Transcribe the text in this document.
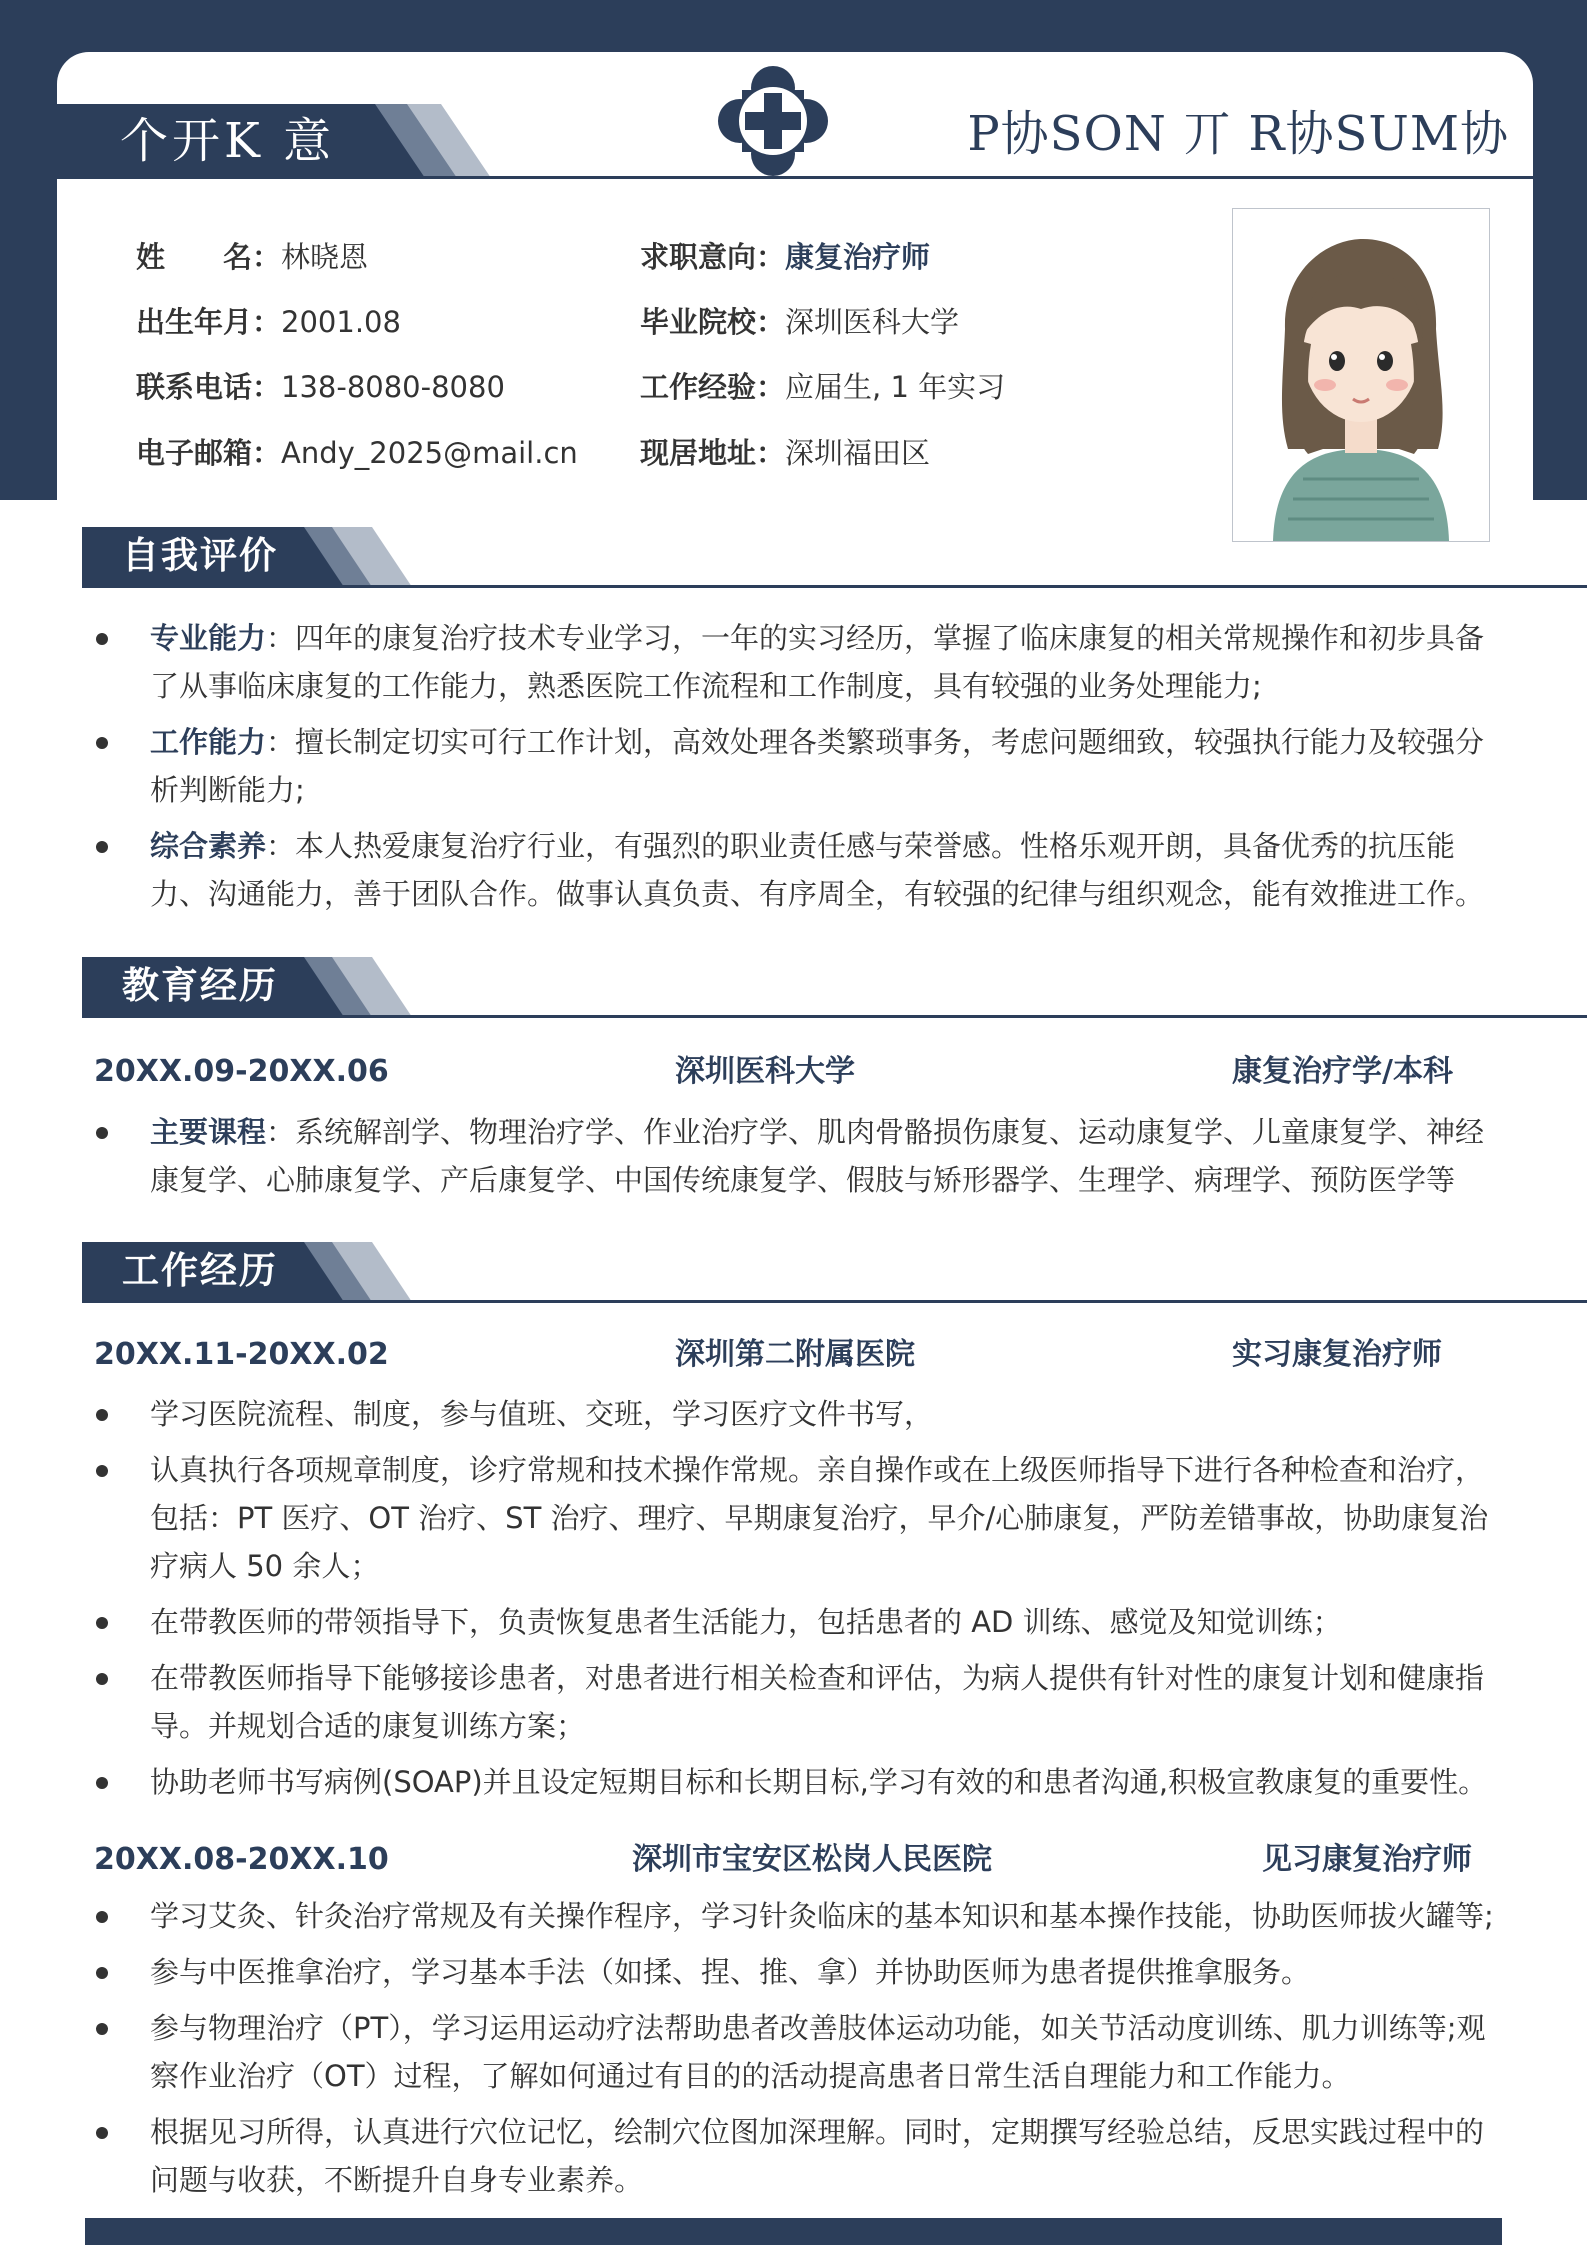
个开K 意	P协SON 丌 R协SUM协
姓　　名：林晓恩
出生年月：2001.08
联系电话：138-8080-8080
电子邮箱：Andy_2025@mail.cn
求职意向：康复治疗师
毕业院校：深圳医科大学
工作经验：应届生, 1 年实习
现居地址：深圳福田区
自我评价
专业能力：四年的康复治疗技术专业学习，一年的实习经历，掌握了临床康复的相关常规操作和初步具备了从事临床康复的工作能力，熟悉医院工作流程和工作制度，具有较强的业务处理能力;
工作能力：擅长制定切实可行工作计划，高效处理各类繁琐事务，考虑问题细致，较强执行能力及较强分析判断能力;
综合素养：本人热爱康复治疗行业，有强烈的职业责任感与荣誉感。性格乐观开朗，具备优秀的抗压能力、沟通能力，善于团队合作。做事认真负责、有序周全，有较强的纪律与组织观念，能有效推进工作。
教育经历
20XX.09-20XX.06	深圳医科大学	康复治疗学/本科
主要课程：系统解剖学、物理治疗学、作业治疗学、肌肉骨骼损伤康复、运动康复学、儿童康复学、神经康复学、心肺康复学、产后康复学、中国传统康复学、假肢与矫形器学、生理学、病理学、预防医学等
工作经历
20XX.11-20XX.02	深圳第二附属医院	实习康复治疗师
学习医院流程、制度，参与值班、交班，学习医疗文件书写，
认真执行各项规章制度，诊疗常规和技术操作常规。亲自操作或在上级医师指导下进行各种检查和治疗，包括：PT 医疗、OT 治疗、ST 治疗、理疗、早期康复治疗，早介/心肺康复，严防差错事故，协助康复治疗病人 50 余人；
在带教医师的带领指导下，负责恢复患者生活能力，包括患者的 AD 训练、感觉及知觉训练；
在带教医师指导下能够接诊患者，对患者进行相关检查和评估，为病人提供有针对性的康复计划和健康指导。并规划合适的康复训练方案；
协助老师书写病例(SOAP)并且设定短期目标和长期目标,学习有效的和患者沟通,积极宣教康复的重要性。
20XX.08-20XX.10	深圳市宝安区松岗人民医院	见习康复治疗师
学习艾灸、针灸治疗常规及有关操作程序，学习针灸临床的基本知识和基本操作技能，协助医师拔火罐等;
参与中医推拿治疗，学习基本手法（如揉、捏、推、拿）并协助医师为患者提供推拿服务。
参与物理治疗（PT），学习运用运动疗法帮助患者改善肢体运动功能，如关节活动度训练、肌力训练等;观察作业治疗（OT）过程，了解如何通过有目的的活动提高患者日常生活自理能力和工作能力。
根据见习所得，认真进行穴位记忆，绘制穴位图加深理解。同时，定期撰写经验总结，反思实践过程中的问题与收获，不断提升自身专业素养。
